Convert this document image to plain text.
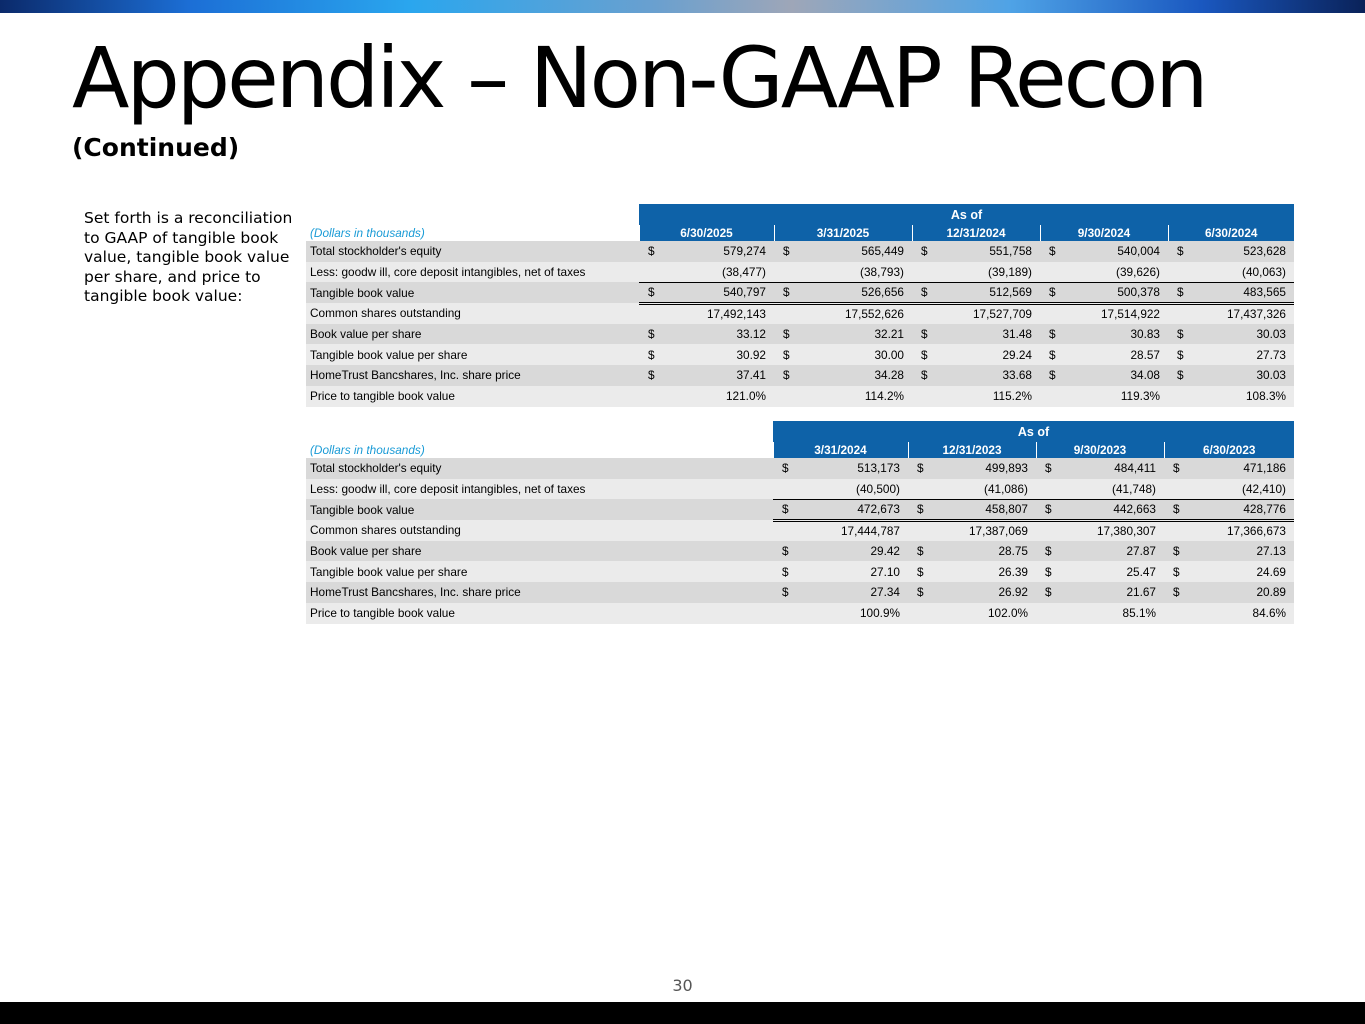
Appendix – Non-GAAP Recon
(Continued)
Set forth is a reconciliation to GAAP of tangible book value, tangible book value per share, and price to tangible book value:
	As of									
(Dollars in thousands)	6/30/2025		3/31/2025		12/31/2024		9/30/2024		6/30/2024	
Total stockholder's equity	$	579,274	$	565,449	$	551,758	$	540,004	$	523,628
Less: goodw ill, core deposit intangibles, net of taxes		(38,477)		(38,793)		(39,189)		(39,626)		(40,063)
Tangible book value	$	540,797	$	526,656	$	512,569	$	500,378	$	483,565
Common shares outstanding		17,492,143		17,552,626		17,527,709		17,514,922		17,437,326
Book value per share	$	33.12	$	32.21	$	31.48	$	30.83	$	30.03
Tangible book value per share	$	30.92	$	30.00	$	29.24	$	28.57	$	27.73
HomeTrust Bancshares, Inc. share price	$	37.41	$	34.28	$	33.68	$	34.08	$	30.03
Price to tangible book value		121.0%		114.2%		115.2%		119.3%		108.3%
	As of							
(Dollars in thousands)	3/31/2024		12/31/2023		9/30/2023		6/30/2023	
Total stockholder's equity	$	513,173	$	499,893	$	484,411	$	471,186
Less: goodw ill, core deposit intangibles, net of taxes		(40,500)		(41,086)		(41,748)		(42,410)
Tangible book value	$	472,673	$	458,807	$	442,663	$	428,776
Common shares outstanding		17,444,787		17,387,069		17,380,307		17,366,673
Book value per share	$	29.42	$	28.75	$	27.87	$	27.13
Tangible book value per share	$	27.10	$	26.39	$	25.47	$	24.69
HomeTrust Bancshares, Inc. share price	$	27.34	$	26.92	$	21.67	$	20.89
Price to tangible book value		100.9%		102.0%		85.1%		84.6%
30
